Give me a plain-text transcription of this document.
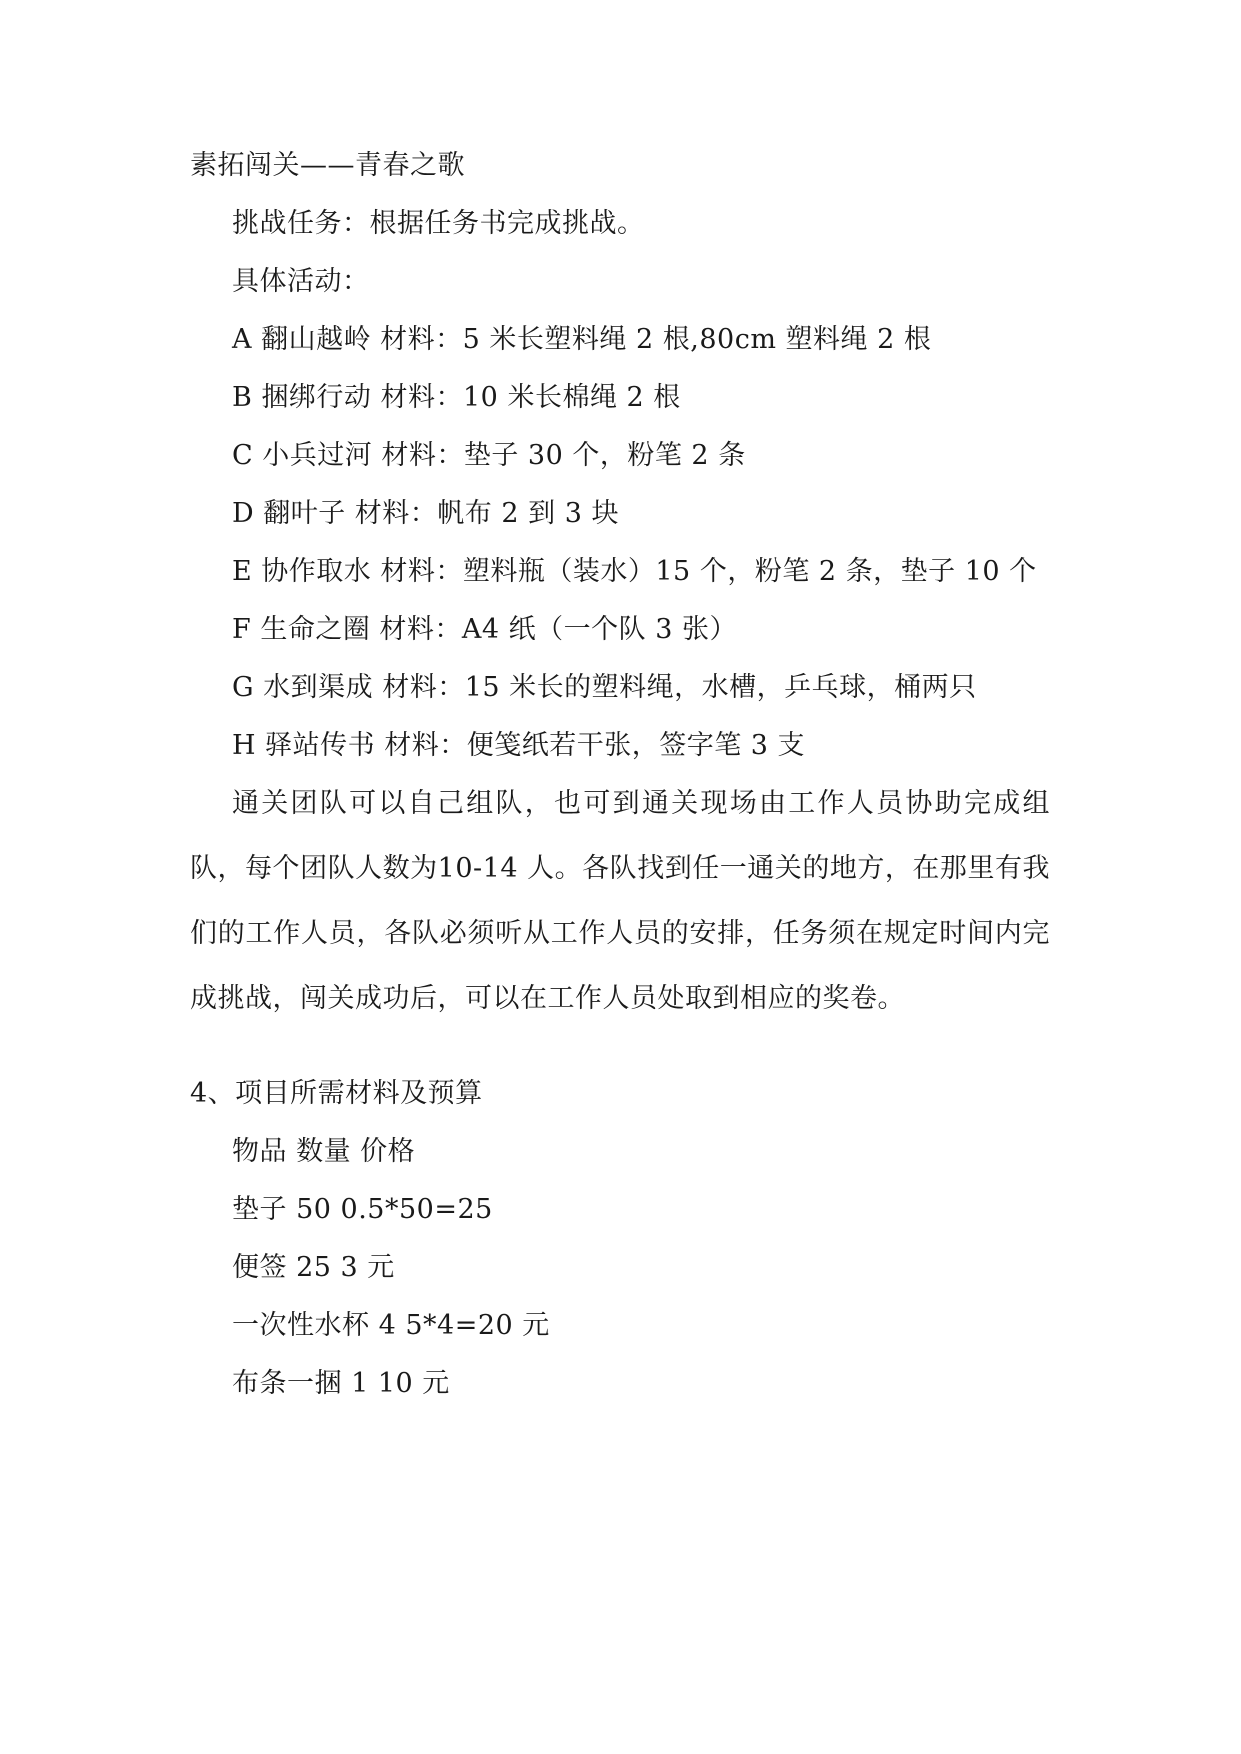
素拓闯关——青春之歌
挑战任务：根据任务书完成挑战。
具体活动：
A 翻山越岭 材料：5 米长塑料绳 2 根,80cm 塑料绳 2 根
B 捆绑行动 材料：10 米长棉绳 2 根
C 小兵过河 材料：垫子 30 个，粉笔 2 条
D 翻叶子 材料：帆布 2 到 3 块
E 协作取水 材料：塑料瓶（装水）15 个，粉笔 2 条，垫子 10 个
F 生命之圈 材料：A4 纸（一个队 3 张）
G 水到渠成 材料：15 米长的塑料绳，水槽，乒乓球，桶两只
H 驿站传书 材料：便笺纸若干张，签字笔 3 支
通关团队可以自己组队，也可到通关现场由工作人员协助完成组队，每个团队人数为10-14 人。各队找到任一通关的地方，在那里有我们的工作人员，各队必须听从工作人员的安排，任务须在规定时间内完成挑战，闯关成功后，可以在工作人员处取到相应的奖卷。
4、项目所需材料及预算
物品 数量 价格
垫子 50 0.5*50=25
便签 25 3 元
一次性水杯 4 5*4=20 元
布条一捆 1 10 元
